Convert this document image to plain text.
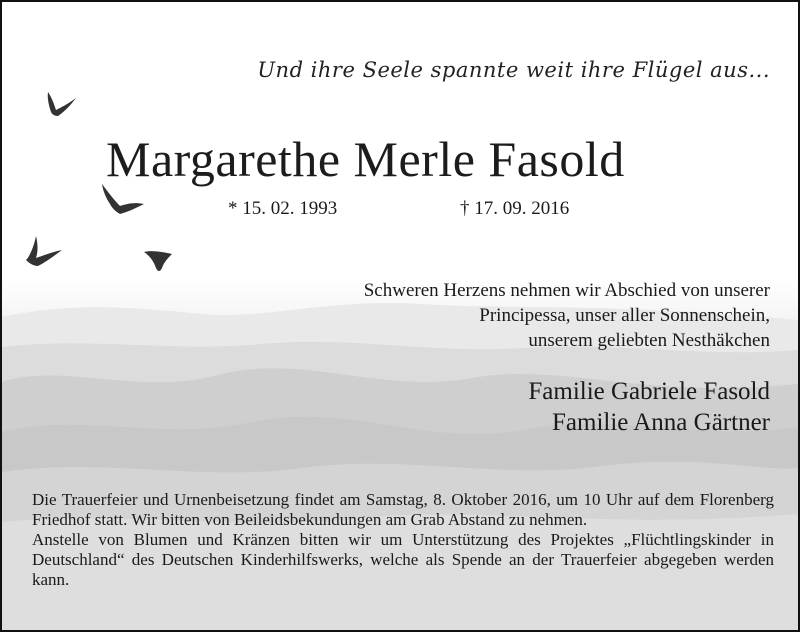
Und ihre Seele spannte weit ihre Flügel aus...
Margarethe Merle Fasold
* 15. 02. 1993	† 17. 09. 2016
Schweren Herzens nehmen wir Abschied von unserer
Principessa, unser aller Sonnenschein,
unserem geliebten Nesthäkchen
Familie Gabriele Fasold
Familie Anna Gärtner

Die Trauerfeier und Urnenbeisetzung findet am Samstag, 8. Oktober 2016, um 10 Uhr auf dem Florenberg Friedhof statt. Wir bitten von Beileidsbekundungen am Grab Abstand zu nehmen.

Anstelle von Blumen und Kränzen bitten wir um Unterstützung des Projektes „Flüchtlingskinder in Deutschland“ des Deutschen Kinderhilfswerks, welche als Spende an der Trauerfeier abgegeben werden kann.
